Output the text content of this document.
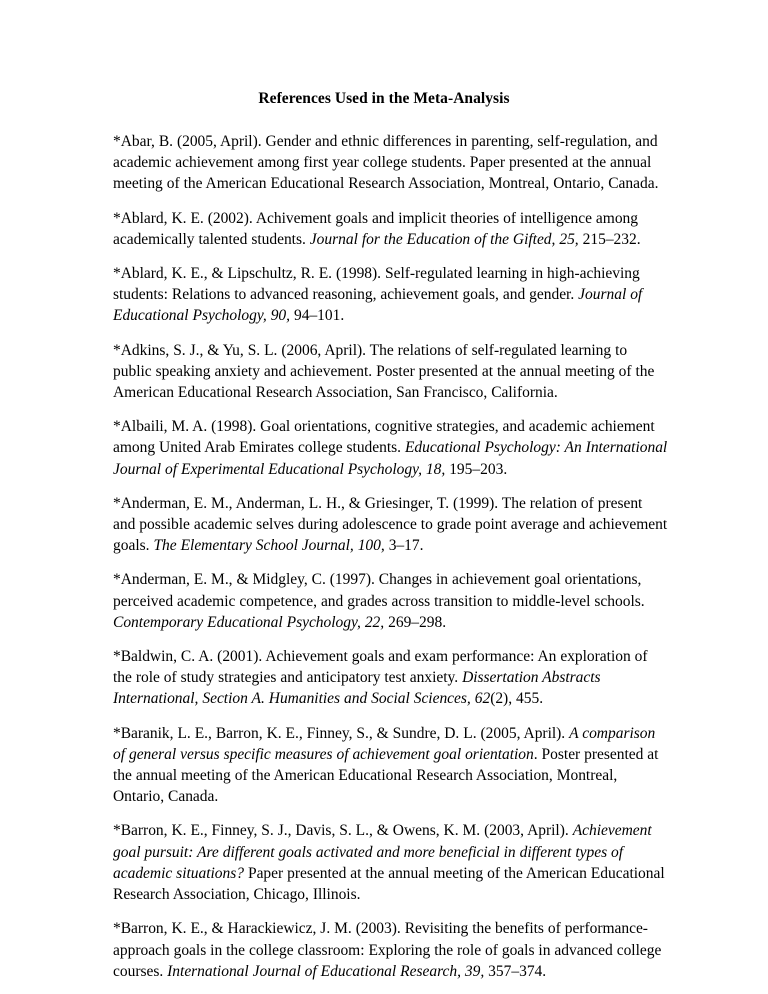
References Used in the Meta-Analysis

*Abar, B. (2005, April). Gender and ethnic differences in parenting, self-regulation, and academic achievement among first year college students. Paper presented at the annual meeting of the American Educational Research Association, Montreal, Ontario, Canada.

*Ablard, K. E. (2002). Achivement goals and implicit theories of intelligence among academically talented students. Journal for the Education of the Gifted, 25, 215–232.

*Ablard, K. E., & Lipschultz, R. E. (1998). Self-regulated learning in high-achieving students: Relations to advanced reasoning, achievement goals, and gender. Journal of Educational Psychology, 90, 94–101.

*Adkins, S. J., & Yu, S. L. (2006, April). The relations of self-regulated learning to public speaking anxiety and achievement. Poster presented at the annual meeting of the American Educational Research Association, San Francisco, California.

*Albaili, M. A. (1998). Goal orientations, cognitive strategies, and academic achiement among United Arab Emirates college students. Educational Psychology: An International Journal of Experimental Educational Psychology, 18, 195–203.

*Anderman, E. M., Anderman, L. H., & Griesinger, T. (1999). The relation of present and possible academic selves during adolescence to grade point average and achievement goals. The Elementary School Journal, 100, 3–17.

*Anderman, E. M., & Midgley, C. (1997). Changes in achievement goal orientations, perceived academic competence, and grades across transition to middle-level schools. Contemporary Educational Psychology, 22, 269–298.

*Baldwin, C. A. (2001). Achievement goals and exam performance: An exploration of the role of study strategies and anticipatory test anxiety. Dissertation Abstracts International, Section A. Humanities and Social Sciences, 62(2), 455.

*Baranik, L. E., Barron, K. E., Finney, S., & Sundre, D. L. (2005, April). A comparison of general versus specific measures of achievement goal orientation. Poster presented at the annual meeting of the American Educational Research Association, Montreal, Ontario, Canada.

*Barron, K. E., Finney, S. J., Davis, S. L., & Owens, K. M. (2003, April). Achievement goal pursuit: Are different goals activated and more beneficial in different types of academic situations? Paper presented at the annual meeting of the American Educational Research Association, Chicago, Illinois.

*Barron, K. E., & Harackiewicz, J. M. (2003). Revisiting the benefits of performance-approach goals in the college classroom: Exploring the role of goals in advanced college courses. International Journal of Educational Research, 39, 357–374.
